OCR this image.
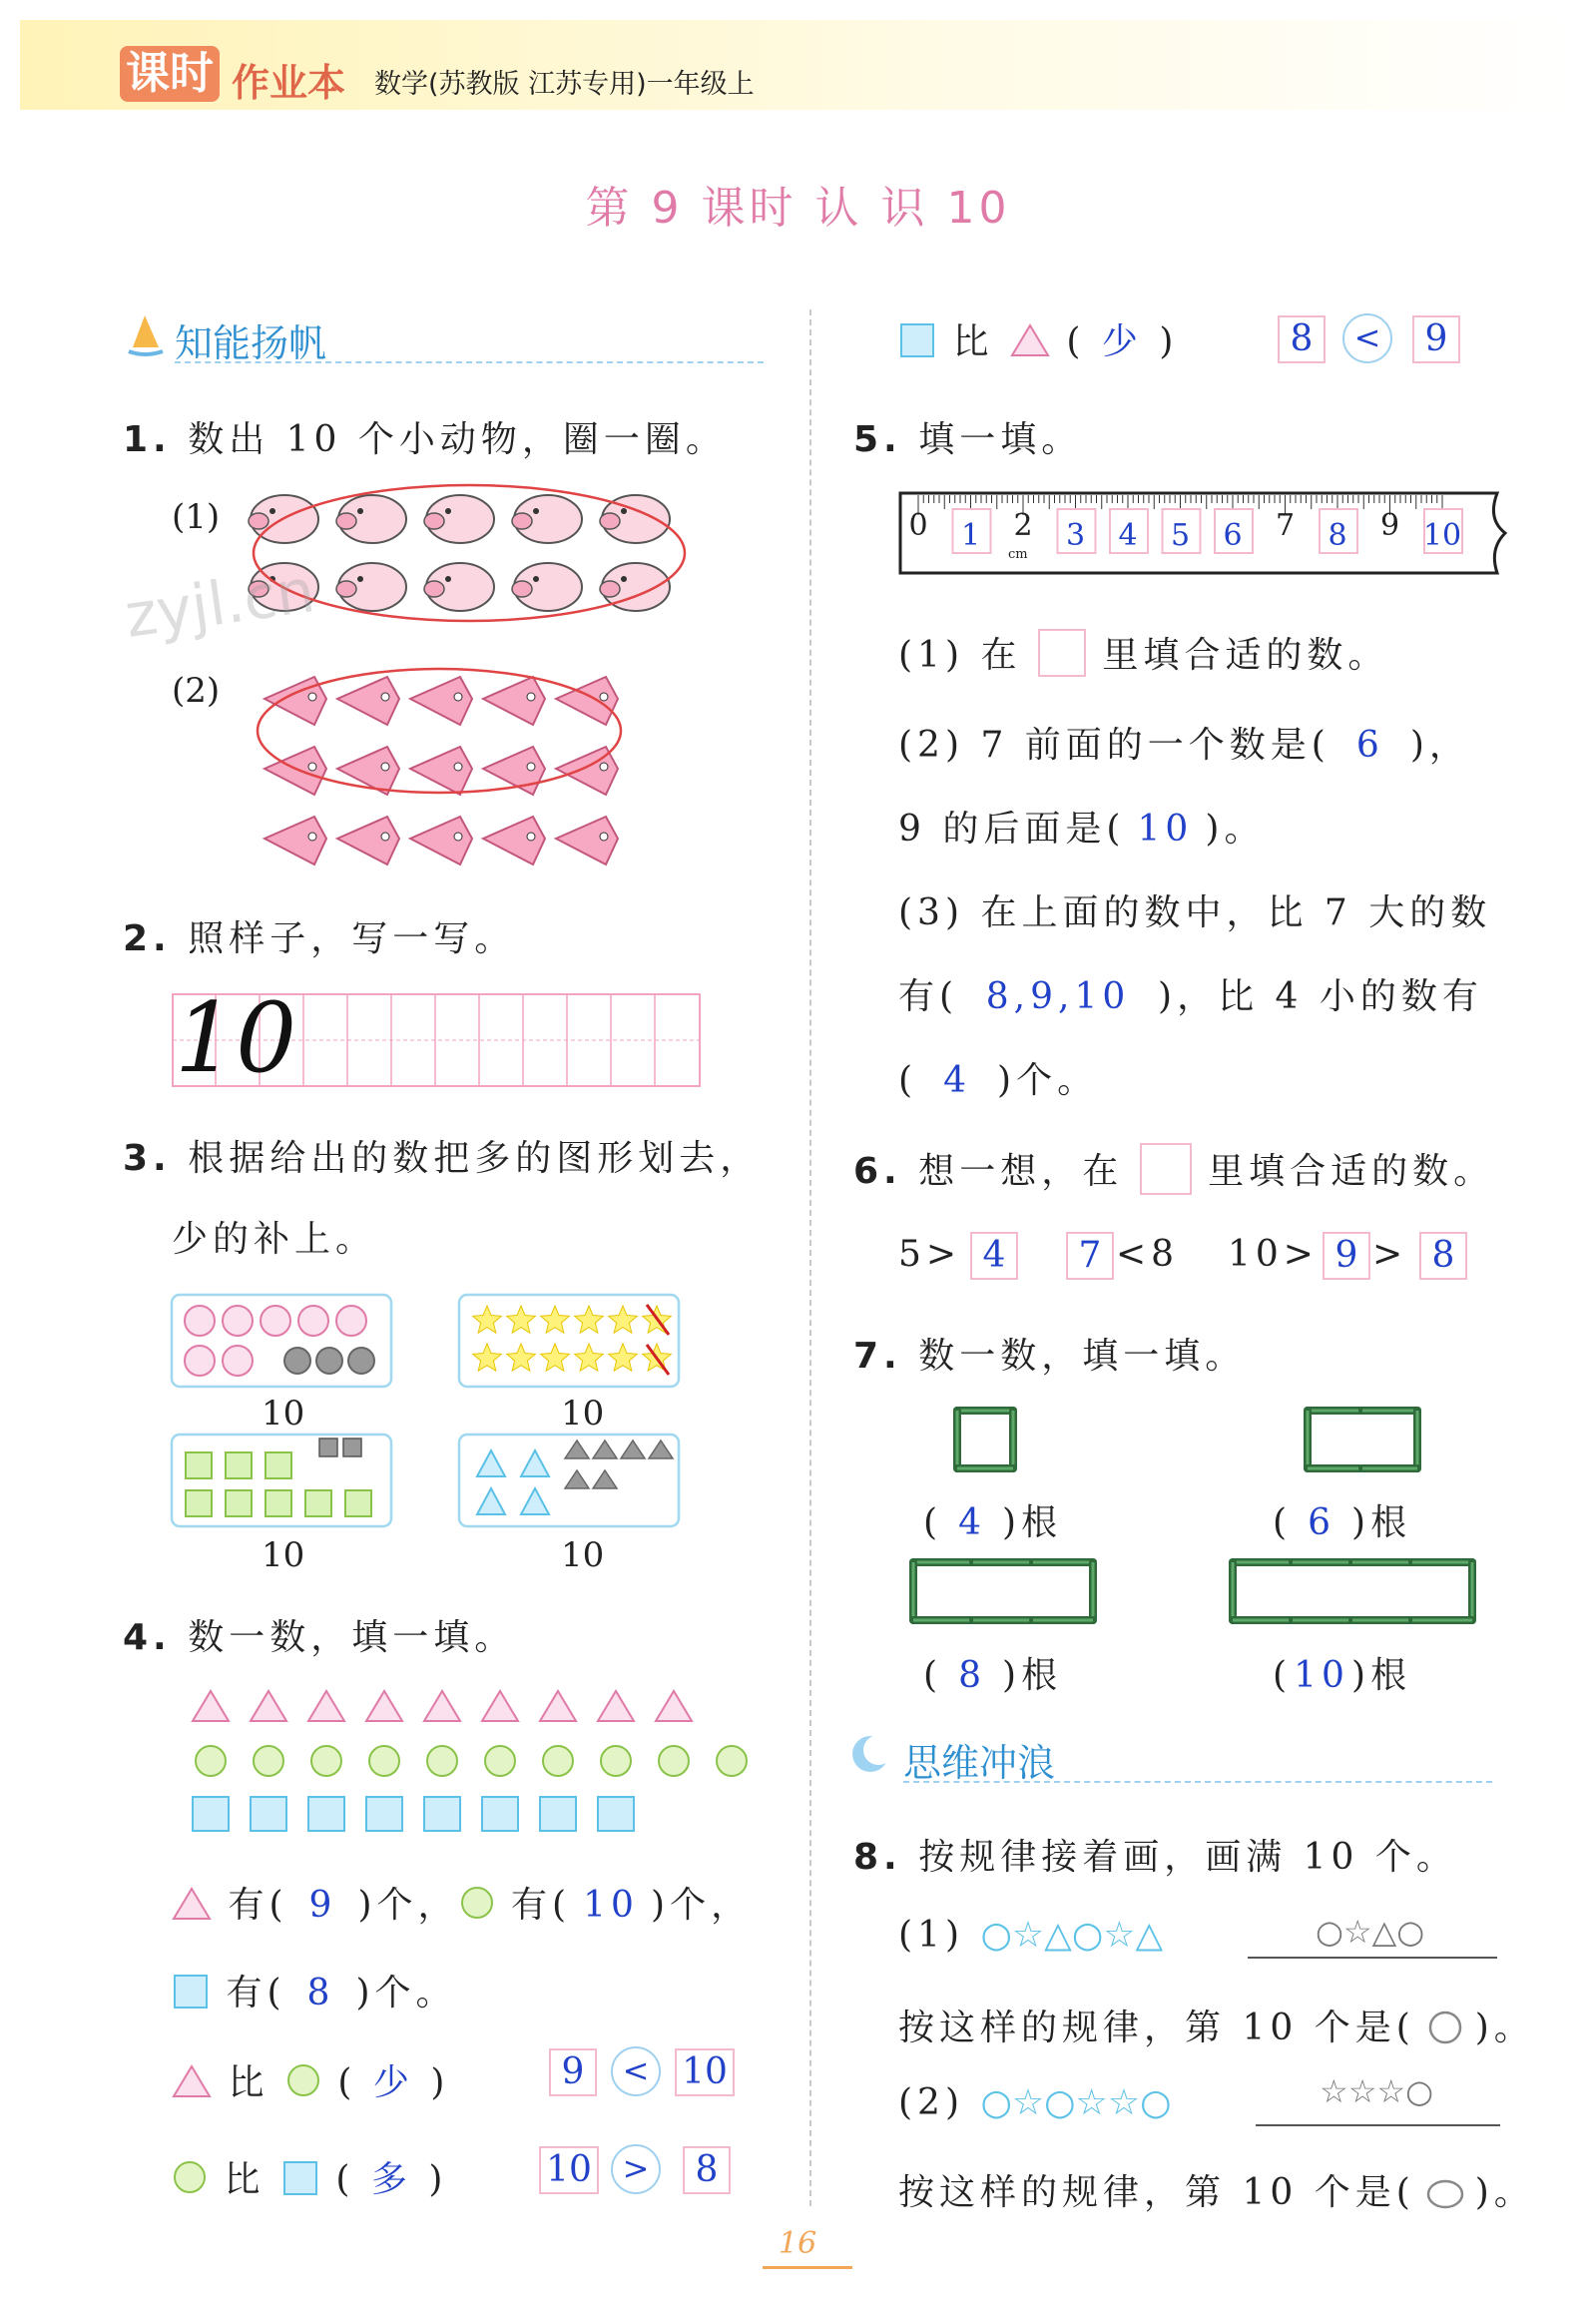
课时 作业本 数学(苏教版 江苏专用)一年级上
第 9 课时 认 识 10
知能扬帆
1. 数出 10 个小动物，圈一圈。
(1)
(2)
2. 照样子，写一写。
10
3. 根据给出的数把多的图形划去，
少的补上。
10	10
10	10
4. 数一数，填一填。
有( 9 )个， 有( 10 )个，
有( 8 )个。
比 ( 少 )	9	< 10
比 ( 多 )	10 >	8
比 ( 少 )	8	<	9
5. 填一填。
0 1 2 3 4 5 6 7 8 9 10
cm
(1) 在 里填合适的数。
(2) 7 前面的一个数是( 6 )，
9 的后面是( 10 )。
(3) 在上面的数中，比 7 大的数
有( 8,9,10 )，比 4 小的数有
( 4 )个。
6. 想一想，在 里填合适的数。
5> 4	7 <8 10> 9 > 8
7. 数一数，填一填。
( 4 )根	( 6 )根
( 8 )根	(10)根
思维冲浪
8. 按规律接着画，画满 10 个。
(1) ○☆△○☆△	○☆△○
按这样的规律，第 10 个是( )。
(2) ○☆○☆☆○	☆☆☆○
按这样的规律，第 10 个是( )。
16
zyjl.cn
